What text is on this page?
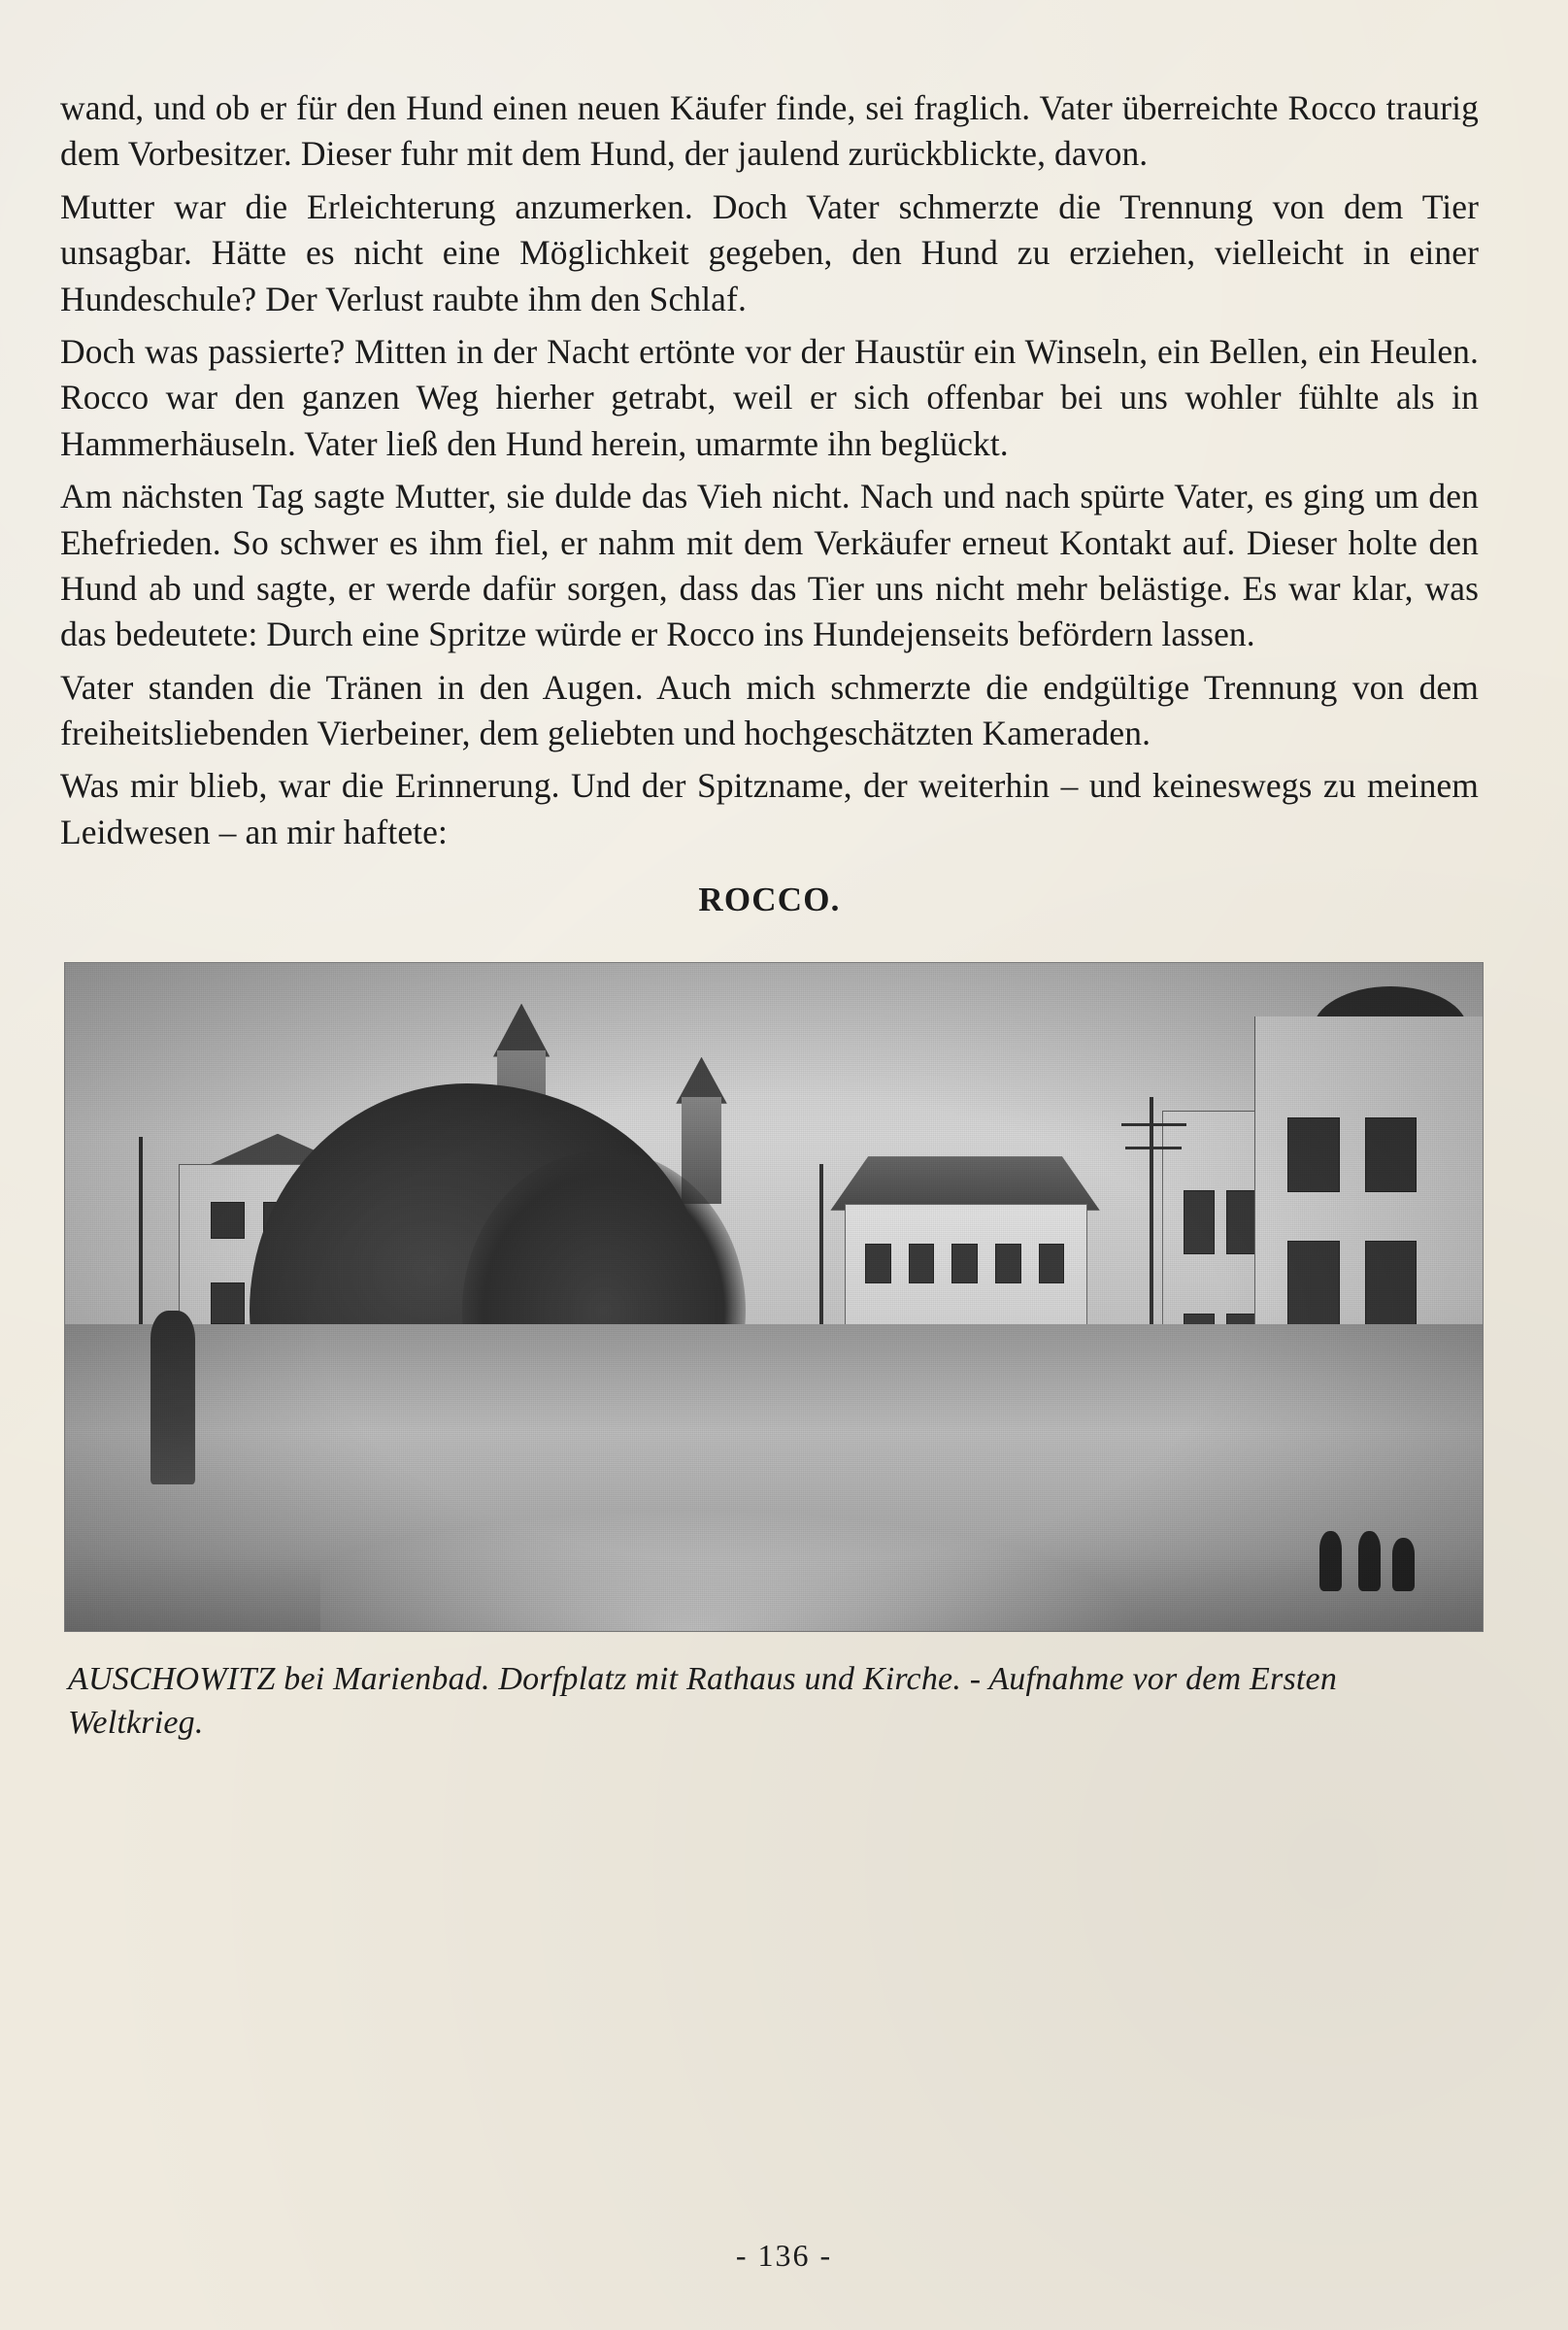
wand, und ob er für den Hund einen neuen Käufer finde, sei fraglich. Vater überreichte Rocco traurig dem Vorbesitzer. Dieser fuhr mit dem Hund, der jaulend zurückblickte, davon.

Mutter war die Erleichterung anzumerken. Doch Vater schmerzte die Trennung von dem Tier unsagbar. Hätte es nicht eine Möglichkeit gegeben, den Hund zu erziehen, vielleicht in einer Hundeschule? Der Verlust raubte ihm den Schlaf.

Doch was passierte? Mitten in der Nacht ertönte vor der Haustür ein Winseln, ein Bellen, ein Heulen. Rocco war den ganzen Weg hierher getrabt, weil er sich offenbar bei uns wohler fühlte als in Hammerhäuseln. Vater ließ den Hund herein, umarmte ihn beglückt.

Am nächsten Tag sagte Mutter, sie dulde das Vieh nicht. Nach und nach spürte Vater, es ging um den Ehefrieden. So schwer es ihm fiel, er nahm mit dem Verkäufer erneut Kontakt auf. Dieser holte den Hund ab und sagte, er werde dafür sorgen, dass das Tier uns nicht mehr belästige. Es war klar, was das bedeutete: Durch eine Spritze würde er Rocco ins Hundejenseits befördern lassen.

Vater standen die Tränen in den Augen. Auch mich schmerzte die endgültige Trennung von dem freiheitsliebenden Vierbeiner, dem geliebten und hochgeschätzten Kameraden.

Was mir blieb, war die Erinnerung. Und der Spitzname, der weiterhin – und keineswegs zu meinem Leidwesen – an mir haftete:

ROCCO.
AUSCHOWITZ bei Marienbad. Dorfplatz mit Rathaus und Kirche. - Aufnahme vor dem Ersten Weltkrieg.
- 136 -
